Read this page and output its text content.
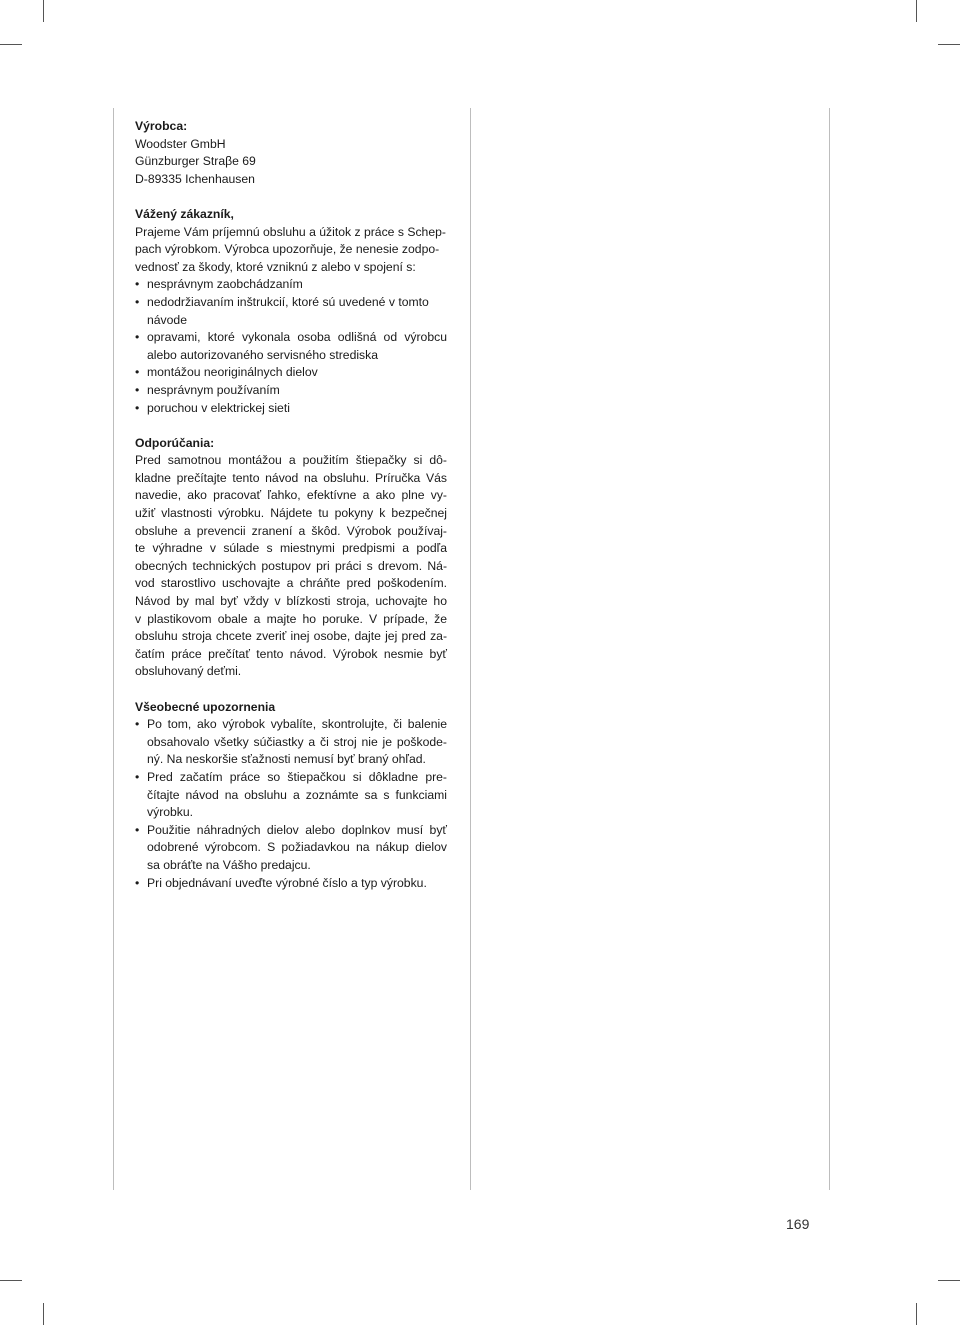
Výrobca:
Woodster GmbH
Günzburger Straβe 69
D-89335 Ichenhausen
Vážený zákazník,
Prajeme Vám príjemnú obsluhu a úžitok z práce s Schep-
pach výrobkom. Výrobca upozorňuje, že nenesie zodpo-
vednosť za škody, ktoré vzniknú z alebo v spojení s:
• nesprávnym zaobchádzaním
• nedodržiavaním inštrukcií, ktoré sú uvedené v tomto
návode
• opravami, ktoré vykonala osoba odlišná od výrobcu
alebo autorizovaného servisného strediska
• montážou neoriginálnych dielov
• nesprávnym používaním
• poruchou v elektrickej sieti
Odporúčania:
Pred samotnou montážou a použitím štiepačky si dô-
kladne prečítajte tento návod na obsluhu. Príručka Vás
navedie, ako pracovať ľahko, efektívne a ako plne vy-
užiť vlastnosti výrobku. Nájdete tu pokyny k bezpečnej
obsluhe a prevencii zranení a škôd. Výrobok používaj-
te výhradne v súlade s miestnymi predpismi a podľa
obecných technických postupov pri práci s drevom. Ná-
vod starostlivo uschovajte a chráňte pred poškodením.
Návod by mal byť vždy v blízkosti stroja, uchovajte ho
v plastikovom obale a majte ho poruke. V prípade, že
obsluhu stroja chcete zveriť inej osobe, dajte jej pred za-
čatím práce prečítať tento návod. Výrobok nesmie byť
obsluhovaný deťmi.
Všeobecné upozornenia
• Po tom, ako výrobok vybalíte, skontrolujte, či balenie
obsahovalo všetky súčiastky a či stroj nie je poškode-
ný. Na neskoršie sťažnosti nemusí byť braný ohľad.
• Pred začatím práce so štiepačkou si dôkladne pre-
čítajte návod na obsluhu a zoznámte sa s funkciami
výrobku.
• Použitie náhradných dielov alebo doplnkov musí byť
odobrené výrobcom. S požiadavkou na nákup dielov
sa obráťte na Vášho predajcu.
• Pri objednávaní uveďte výrobné číslo a typ výrobku.
169
